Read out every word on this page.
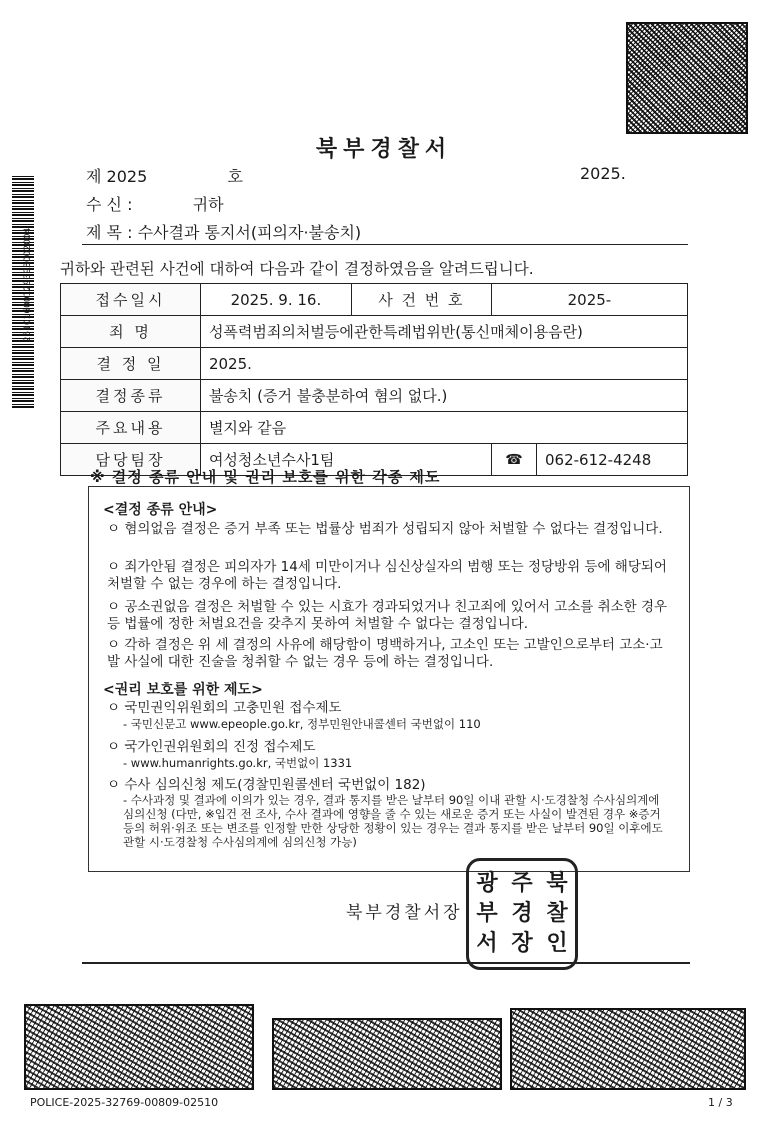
25101600129393002004
북부경찰서
제 2025	호	2025.
수 신 :	귀하
제 목 : 수사결과 통지서(피의자·불송치)
귀하와 관련된 사건에 대하여 다음과 같이 결정하였음을 알려드립니다.
접수일시	2025. 9. 16.	사 건 번 호	2025-	
죄 명	성폭력범죄의처벌등에관한특례법위반(통신매체이용음란)			
결 정 일	2025.			
결정종류	불송치 (증거 불충분하여 혐의 없다.)			
주요내용	별지와 같음			
담당팀장	여성청소년수사1팀		☎	062-612-4248
※ 결정 종류 안내 및 권리 보호를 위한 각종 제도
<결정 종류 안내>
ㅇ 혐의없음 결정은 증거 부족 또는 법률상 범죄가 성립되지 않아 처벌할 수 없다는 결정입니다.
ㅇ 죄가안됨 결정은 피의자가 14세 미만이거나 심신상실자의 범행 또는 정당방위 등에 해당되어 처벌할 수 없는 경우에 하는 결정입니다.
ㅇ 공소권없음 결정은 처벌할 수 있는 시효가 경과되었거나 친고죄에 있어서 고소를 취소한 경우 등 법률에 정한 처벌요건을 갖추지 못하여 처벌할 수 없다는 결정입니다.
ㅇ 각하 결정은 위 세 결정의 사유에 해당함이 명백하거나, 고소인 또는 고발인으로부터 고소·고발 사실에 대한 진술을 청취할 수 없는 경우 등에 하는 결정입니다.
<권리 보호를 위한 제도>
ㅇ 국민권익위원회의 고충민원 접수제도
- 국민신문고 www.epeople.go.kr, 정부민원안내콜센터 국번없이 110
ㅇ 국가인권위원회의 진정 접수제도
- www.humanrights.go.kr, 국번없이 1331
ㅇ 수사 심의신청 제도(경찰민원콜센터 국번없이 182)
- 수사과정 및 결과에 이의가 있는 경우, 결과 통지를 받은 날부터 90일 이내 관할 시·도경찰청 수사심의계에 심의신청 (다만, ※입건 전 조사, 수사 결과에 영향을 줄 수 있는 새로운 증거 또는 사실이 발견된 경우 ※증거 등의 허위·위조 또는 변조를 인정할 만한 상당한 정황이 있는 경우는 결과 통지를 받은 날부터 90일 이후에도 관할 시·도경찰청 수사심의계에 심의신청 가능)
북부경찰서장
광 주 북
부 경 찰
서 장 인
POLICE-2025-32769-00809-02510	1 / 3
